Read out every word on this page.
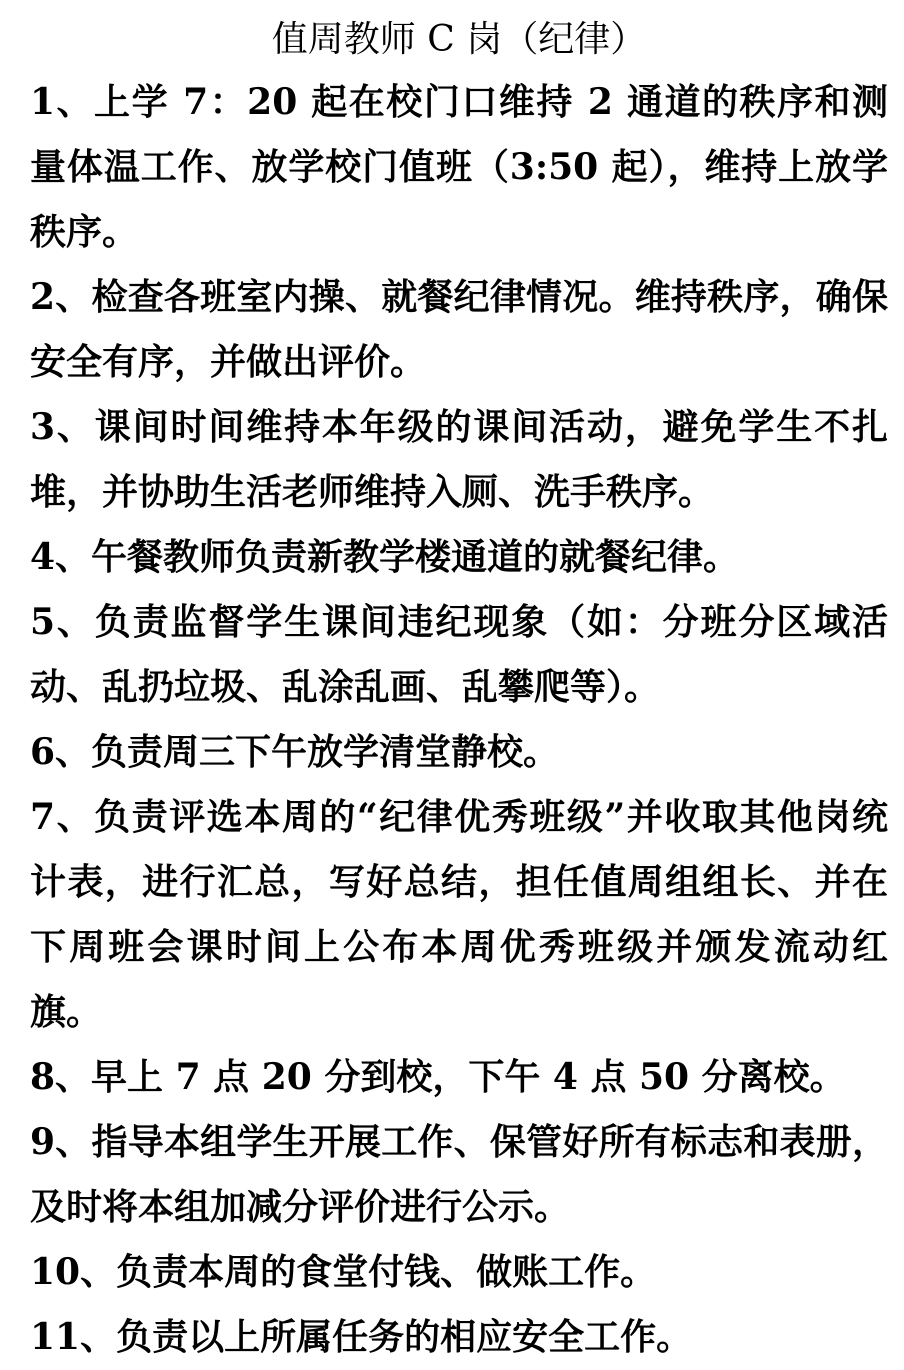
值周教师 C 岗（纪律）

1、上学 7：20 起在校门口维持 2 通道的秩序和测量体温工作、放学校门值班（3:50 起），维持上放学秩序。

2、检查各班室内操、就餐纪律情况。维持秩序，确保安全有序，并做出评价。

3、课间时间维持本年级的课间活动，避免学生不扎堆，并协助生活老师维持入厕、洗手秩序。

4、午餐教师负责新教学楼通道的就餐纪律。

5、负责监督学生课间违纪现象（如：分班分区域活动、乱扔垃圾、乱涂乱画、乱攀爬等）。

6、负责周三下午放学清堂静校。

7、负责评选本周的“纪律优秀班级”并收取其他岗统计表，进行汇总，写好总结，担任值周组组长、并在下周班会课时间上公布本周优秀班级并颁发流动红旗。

8、早上 7 点 20 分到校，下午 4 点 50 分离校。

9、指导本组学生开展工作、保管好所有标志和表册，及时将本组加减分评价进行公示。

10、负责本周的食堂付钱、做账工作。

11、负责以上所属任务的相应安全工作。
